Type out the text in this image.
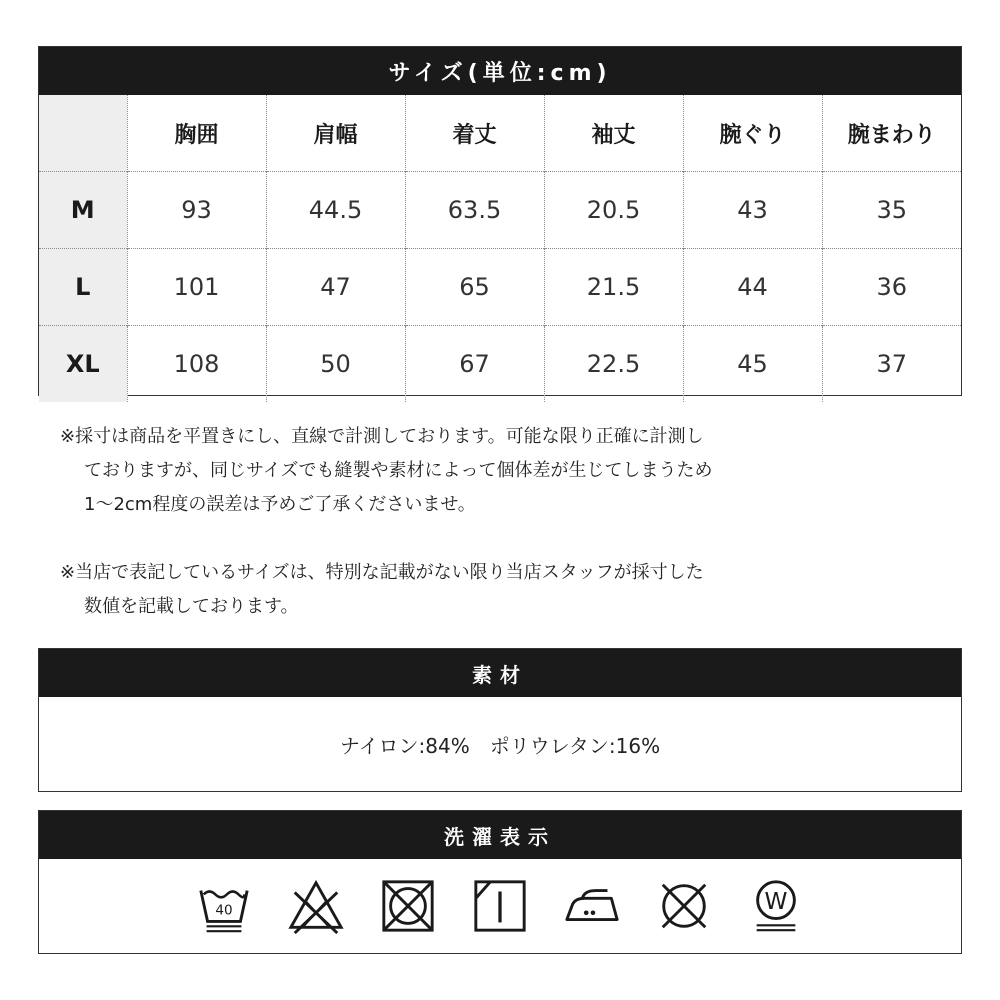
サイズ(単位:cm)
	胸囲	肩幅	着丈	袖丈	腕ぐり	腕まわり
M	93	44.5	63.5	20.5	43	35
L	101	47	65	21.5	44	36
XL	108	50	67	22.5	45	37
※採寸は商品を平置きにし、直線で計測しております。可能な限り正確に計測し
ておりますが、同じサイズでも縫製や素材によって個体差が生じてしまうため
1〜2cm程度の誤差は予めご了承くださいませ。
※当店で表記しているサイズは、特別な記載がない限り当店スタッフが採寸した
数値を記載しております。
素材
ナイロン:84%　ポリウレタン:16%
洗濯表示
40	W
